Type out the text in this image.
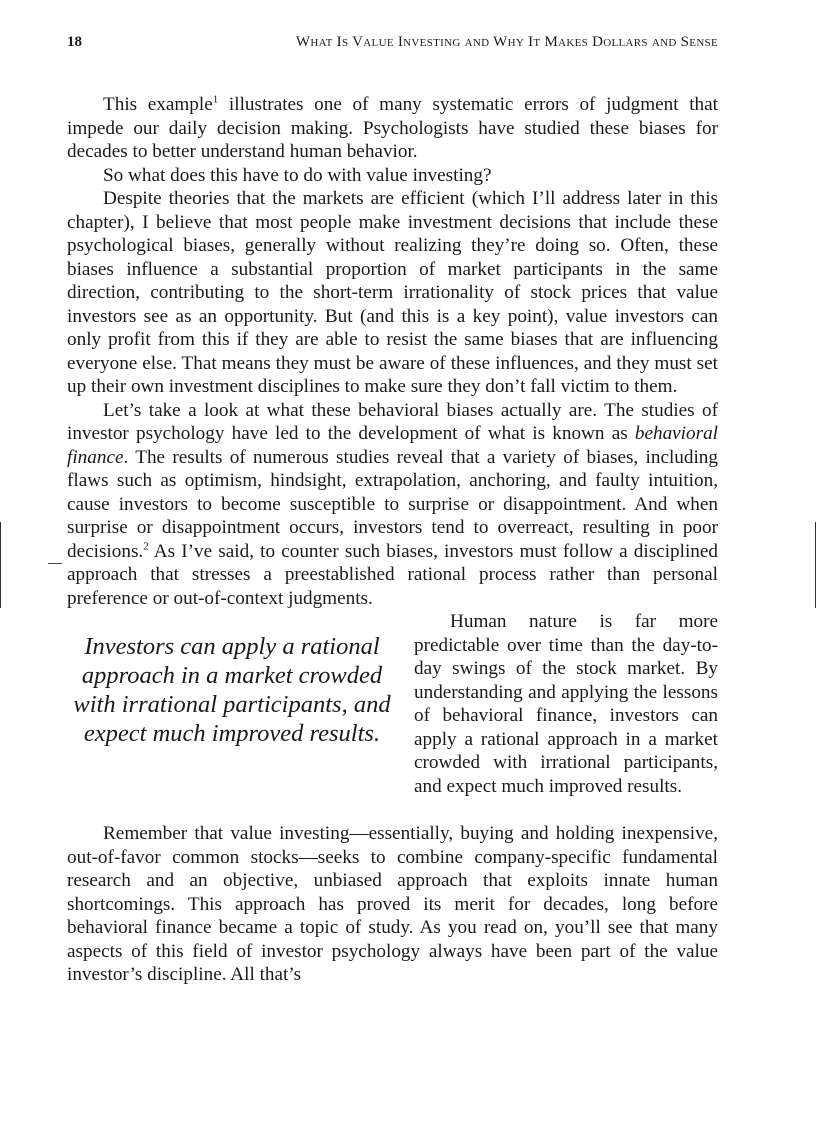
18	What Is Value Investing and Why It Makes Dollars and Sense

This example$^1$ illustrates one of many systematic errors of judgment that impede our daily decision making. Psychologists have studied these biases for decades to better understand human behavior.

So what does this have to do with value investing?

Despite theories that the markets are efficient (which I’ll address later in this chapter), I believe that most people make investment decisions that include these psychological biases, generally without realizing they’re doing so. Often, these biases influence a substantial proportion of market participants in the same direction, contributing to the short-term irrationality of stock prices that value investors see as an opportunity. But (and this is a key point), value investors can only profit from this if they are able to resist the same biases that are influencing everyone else. That means they must be aware of these influences, and they must set up their own investment disciplines to make sure they don’t fall victim to them.

Let’s take a look at what these behavioral biases actually are. The studies of investor psychology have led to the development of what is known as behavioral finance. The results of numerous studies reveal that a variety of biases, including flaws such as optimism, hindsight, extrapolation, anchoring, and faulty intuition, cause investors to become susceptible to surprise or disappointment. And when surprise or disappointment occurs, investors tend to overreact, resulting in poor decisions.$^2$ As I’ve said, to counter such biases, investors must follow a disciplined approach that stresses a preestablished rational process rather than personal preference or out-of-context judgments.

Investors can apply a rational approach in a market crowded with irrational participants, and expect much improved results.

Human nature is far more predictable over time than the day-to-day swings of the stock market. By understanding and applying the lessons of behavioral finance, investors can apply a rational approach in a market crowded with irrational participants, and expect much improved results.

Remember that value investing—essentially, buying and holding inexpensive, out-of-favor common stocks—seeks to combine company-specific fundamental research and an objective, unbiased approach that exploits innate human shortcomings. This approach has proved its merit for decades, long before behavioral finance became a topic of study. As you read on, you’ll see that many aspects of this field of investor psychology always have been part of the value investor’s discipline. All that’s
